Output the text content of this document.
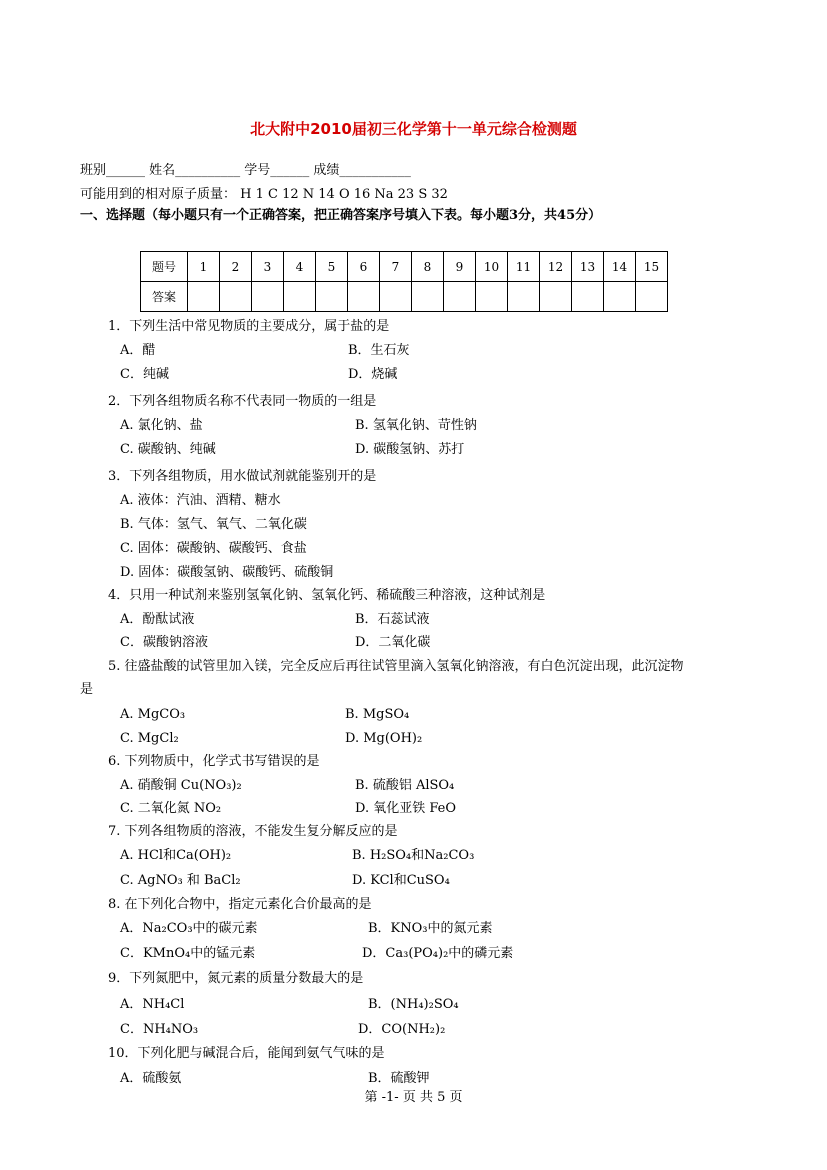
北大附中2010届初三化学第十一单元综合检测题
班别______ 姓名__________ 学号______ 成绩___________
可能用到的相对原子质量： H 1 C 12 N 14 O 16 Na 23 S 32
一、选择题（每小题只有一个正确答案，把正确答案序号填入下表。每小题3分，共45分）
题号	1	2	3	4	5	6	7	8	9	10	11	12	13	14	15
答案															
1．下列生活中常见物质的主要成分，属于盐的是
A．醋	B．生石灰
C．纯碱	D．烧碱
2．下列各组物质名称不代表同一物质的一组是
A. 氯化钠、盐	B. 氢氧化钠、苛性钠
C. 碳酸钠、纯碱	D. 碳酸氢钠、苏打
3．下列各组物质，用水做试剂就能鉴别开的是
A. 液体：汽油、酒精、糖水
B. 气体：氢气、氧气、二氧化碳
C. 固体：碳酸钠、碳酸钙、食盐
D. 固体：碳酸氢钠、碳酸钙、硫酸铜
4．只用一种试剂来鉴别氢氧化钠、氢氧化钙、稀硫酸三种溶液，这种试剂是
A．酚酞试液	B．石蕊试液
C．碳酸钠溶液	D．二氧化碳
5. 往盛盐酸的试管里加入镁，完全反应后再往试管里滴入氢氧化钠溶液，有白色沉淀出现，此沉淀物
是
A. MgCO₃	B. MgSO₄
C. MgCl₂	D. Mg(OH)₂
6. 下列物质中，化学式书写错误的是
A. 硝酸铜 Cu(NO₃)₂	B. 硫酸铝 AlSO₄
C. 二氧化氮 NO₂	D. 氧化亚铁 FeO
7. 下列各组物质的溶液，不能发生复分解反应的是
A. HCl和Ca(OH)₂	B. H₂SO₄和Na₂CO₃
C. AgNO₃ 和 BaCl₂	D. KCl和CuSO₄
8. 在下列化合物中，指定元素化合价最高的是
A．Na₂CO₃中的碳元素	B．KNO₃中的氮元素
C．KMnO₄中的锰元素	D．Ca₃(PO₄)₂中的磷元素
9．下列氮肥中，氮元素的质量分数最大的是
A．NH₄Cl	B．(NH₄)₂SO₄
C．NH₄NO₃	D．CO(NH₂)₂
10．下列化肥与碱混合后，能闻到氨气气味的是
A．硫酸氨	B．硫酸钾
第 -1- 页 共 5 页
